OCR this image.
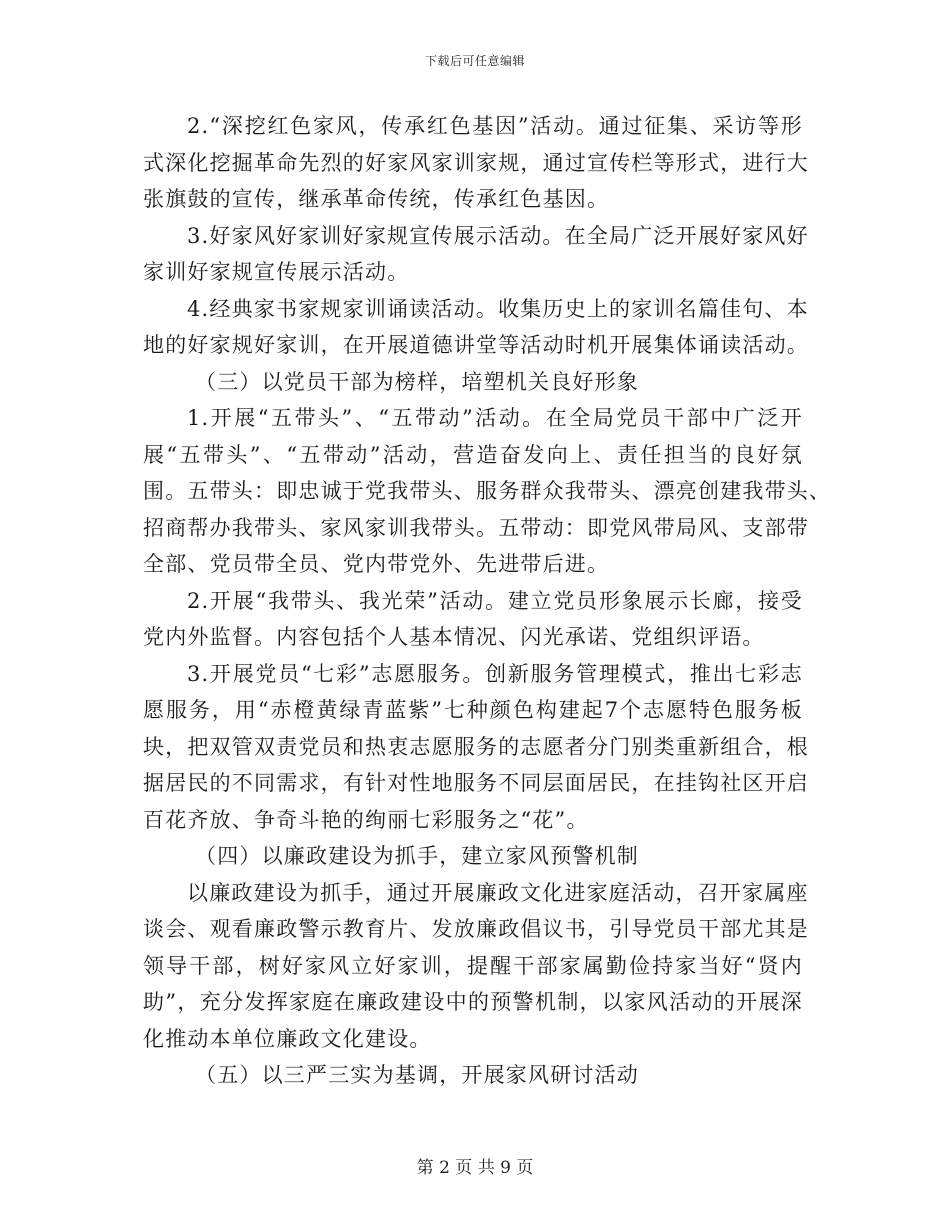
下载后可任意编辑
2.“深挖红色家风，传承红色基因”活动。通过征集、采访等形
式深化挖掘革命先烈的好家风家训家规，通过宣传栏等形式，进行大
张旗鼓的宣传，继承革命传统，传承红色基因。
3.好家风好家训好家规宣传展示活动。在全局广泛开展好家风好
家训好家规宣传展示活动。
4.经典家书家规家训诵读活动。收集历史上的家训名篇佳句、本
地的好家规好家训，在开展道德讲堂等活动时机开展集体诵读活动。
（三）以党员干部为榜样，培塑机关良好形象
1.开展“五带头”、“五带动”活动。在全局党员干部中广泛开
展“五带头”、“五带动”活动，营造奋发向上、责任担当的良好氛
围。五带头：即忠诚于党我带头、服务群众我带头、漂亮创建我带头、
招商帮办我带头、家风家训我带头。五带动：即党风带局风、支部带
全部、党员带全员、党内带党外、先进带后进。
2.开展“我带头、我光荣”活动。建立党员形象展示长廊，接受
党内外监督。内容包括个人基本情况、闪光承诺、党组织评语。
3.开展党员“七彩”志愿服务。创新服务管理模式，推出七彩志
愿服务，用“赤橙黄绿青蓝紫”七种颜色构建起7个志愿特色服务板
块，把双管双责党员和热衷志愿服务的志愿者分门别类重新组合，根
据居民的不同需求，有针对性地服务不同层面居民，在挂钩社区开启
百花齐放、争奇斗艳的绚丽七彩服务之“花”。
（四）以廉政建设为抓手，建立家风预警机制
以廉政建设为抓手，通过开展廉政文化进家庭活动，召开家属座
谈会、观看廉政警示教育片、发放廉政倡议书，引导党员干部尤其是
领导干部，树好家风立好家训，提醒干部家属勤俭持家当好“贤内
助”，充分发挥家庭在廉政建设中的预警机制，以家风活动的开展深
化推动本单位廉政文化建设。
（五）以三严三实为基调，开展家风研讨活动
第 2 页 共 9 页
